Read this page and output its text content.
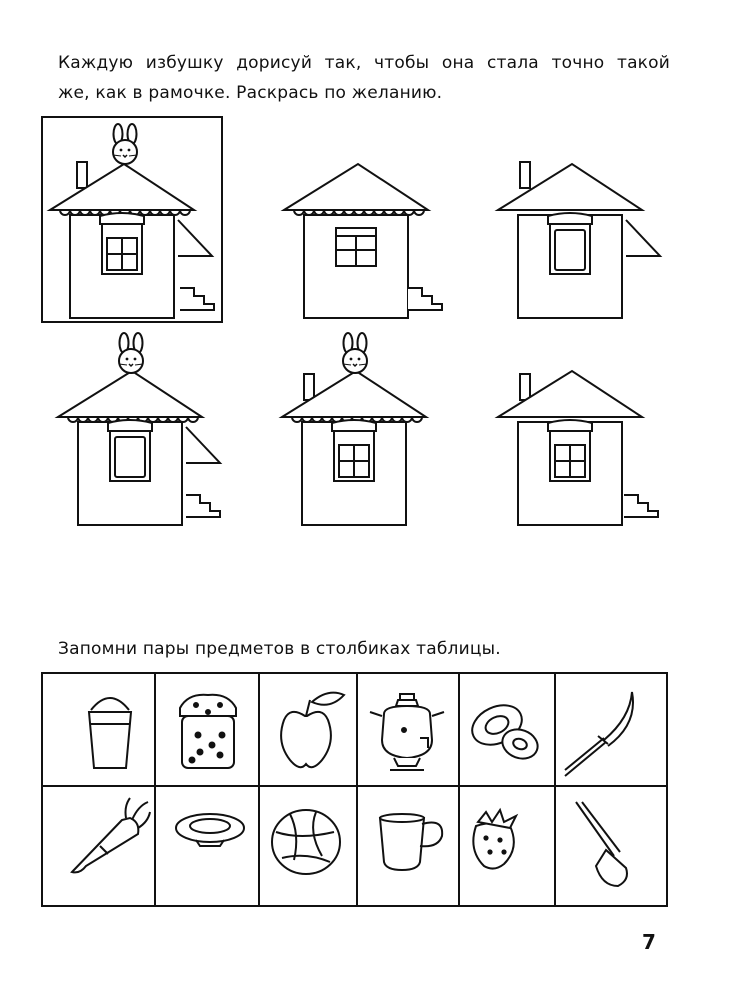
Каждую избушку дорисуй так, чтобы она стала точно такой
же, как в рамочке. Раскрась по желанию.
Запомни пары предметов в столбиках таблицы.
7
